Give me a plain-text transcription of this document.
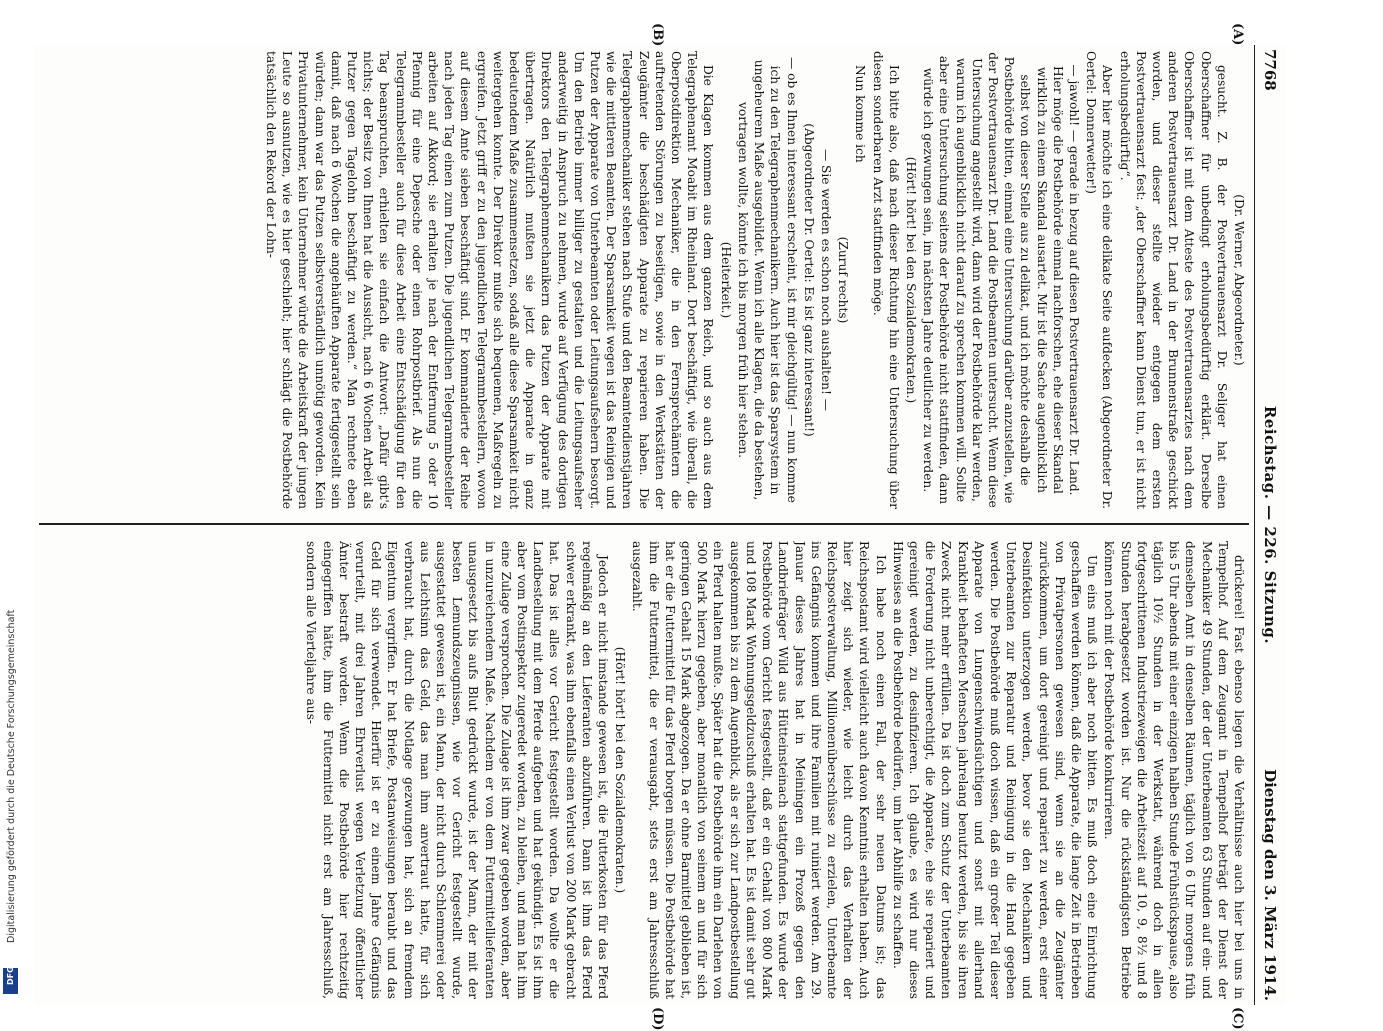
7768
Reichstag. — 226. Sitzung.
Dienstag den 3. März 1914.
(A)
(B)
(C)
(D)

(Dr. Werner, Abgeordneter.)

gesucht. Z. B. der Postvertrauensarzt Dr. Seliger hat einen Oberschaffner für unbedingt erholungsbedürftig erklärt. Derselbe Oberschaffner ist mit dem Atteste des Postvertrauensarztes nach dem anderen Postvertrauensarzt Dr. Land in der Brunnenstraße geschickt worden, und dieser stellte wieder entgegen dem ersten Postvertrauensarzt fest: „der Oberschaffner kann Dienst tun, er ist nicht erholungsbedürftig“.

Aber hier möchte ich eine delikate Seite aufdecken (Abgeordneter Dr. Oertel: Donnerwetter!)

— jawohl! — gerade in bezug auf diesen Postvertrauensarzt Dr. Land. Hier möge die Postbehörde einmal nachforschen, ehe dieser Skandal wirklich zu einem Skandal ausartet. Mir ist die Sache augenblicklich selbst von dieser Stelle aus zu delikat, und ich möchte deshalb die Postbehörde bitten, einmal eine Untersuchung darüber anzustellen, wie der Postvertrauensarzt Dr. Land die Postbeamten untersucht. Wenn diese Untersuchung angestellt wird, dann wird der Postbehörde klar werden, warum ich augenblicklich nicht darauf zu sprechen kommen will. Sollte aber eine Untersuchung seitens der Postbehörde nicht stattfinden, dann würde ich gezwungen sein, im nächsten Jahre deutlicher zu werden.

(Hört! hört! bei den Sozialdemokraten.)

Ich bitte also, daß nach dieser Richtung hin eine Untersuchung über diesen sonderbaren Arzt stattfinden möge.

Nun komme ich

(Zuruf rechts)

— Sie werden es schon noch aushalten! —

(Abgeordneter Dr. Oertel: Es ist ganz interessant!)

— ob es Ihnen interessant erscheint, ist mir gleichgültig! — nun komme ich zu den Telegraphenmechanikern. Auch hier ist das Sparsystem in ungeheurem Maße ausgebildet. Wenn ich alle Klagen, die da bestehen, vortragen wollte, könnte ich bis morgen früh hier stehen.

(Heiterkeit.)

Die Klagen kommen aus dem ganzen Reich, und so auch aus dem Telegraphenamt Moabit im Rheinland. Dort beschäftigt, wie überall, die Oberpostdirektion Mechaniker, die in den Fernsprechämtern die auftretenden Störungen zu beseitigen, sowie in den Werkstätten der Zeugämter die beschädigten Apparate zu reparieren haben. Die Telegraphenmechaniker stehen nach Stufe und den Beamtendienstjahren wie die mittleren Beamten. Der Sparsamkeit wegen ist das Reinigen und Putzen der Apparate von Unterbeamten oder Leitungsaufsehern besorgt. Um den Betrieb immer billiger zu gestalten und die Leitungsaufseher anderweitig in Anspruch zu nehmen, wurde auf Verfügung des dortigen Direktors den Telegraphenmechanikern das Putzen der Apparate mit übertragen. Natürlich mußten sie jetzt die Apparate in ganz bedeutendem Maße zusammensetzen, sodaß alle diese Sparsamkeit nicht weitergehen konnte. Der Direktor mußte sich bequemen, Maßregeln zu ergreifen. Jetzt griff er zu den jugendlichen Telegrammbestellern, wovon auf diesem Amte sieben beschäftigt sind. Er kommandierte der Reihe nach jeden Tag einen zum Putzen. Die jugendlichen Telegrammbesteller arbeiten auf Akkord; sie erhalten je nach der Entfernung 5 oder 10 Pfennig für eine Depesche oder einen Rohrpostbrief. Als nun die Telegrammbesteller auch für diese Arbeit eine Entschädigung für den Tag beanspruchten, erhielten sie einfach die Antwort: „Dafür gibt's nichts; der Besitz von Ihnen hat die Aussicht, nach 6 Wochen Arbeit als Putzer gegen Tagelohn beschäftigt zu werden.“ Man rechnete eben damit, daß nach 6 Wochen die angehäuften Apparate fertiggestellt sein würden; dann war das Putzen selbstverständlich unnötig geworden. Kein Privatunternehmer, kein Unternehmer würde die Arbeitskraft der jungen Leute so ausnutzen, wie es hier geschieht; hier schlägt die Postbehörde tatsächlich den Rekord der Lohn-

drückerei! Fast ebenso liegen die Verhältnisse auch hier bei uns in Tempelhof. Auf dem Zeugamt in Tempelhof beträgt der Dienst der Mechaniker 49 Stunden, der der Unterbeamten 63 Stunden auf ein- und demselben Amt in denselben Räumen, täglich von 6 Uhr morgens früh bis 5 Uhr abends mit einer einzigen halben Stunde Frühstückspause, also täglich 10½ Stunden in der Werkstatt, während doch in allen fortgeschrittenen Industriezweigen die Arbeitszeit auf 10, 9, 8½ und 8 Stunden herabgesetzt worden ist. Nur die rückständigsten Betriebe können noch mit der Postbehörde konkurrieren.

Um eins muß ich aber noch bitten. Es muß doch eine Einrichtung geschaffen werden können, daß die Apparate, die lange Zeit in Betrieben von Privatpersonen gewesen sind, wenn sie an die Zeugämter zurückkommen, um dort gereinigt und repariert zu werden, erst einer Desinfektion unterzogen werden, bevor sie den Mechanikern und Unterbeamten zur Reparatur und Reinigung in die Hand gegeben werden. Die Postbehörde muß doch wissen, daß ein großer Teil dieser Apparate von Lungenschwindsüchtigen und sonst mit allerhand Krankheit behafteten Menschen jahrelang benutzt werden, bis sie ihren Zweck nicht mehr erfüllen. Da ist doch zum Schutz der Unterbeamten die Forderung nicht unberechtigt, die Apparate, ehe sie repariert und gereinigt werden, zu desinfizieren. Ich glaube, es wird nur dieses Hinweises an die Postbehörde bedürfen, um hier Abhilfe zu schaffen.

Ich habe noch einen Fall, der sehr neuen Datums ist; das Reichspostamt wird vielleicht auch davon Kenntnis erhalten haben. Auch hier zeigt sich wieder, wie leicht durch das Verhalten der Reichspostverwaltung, Millionenüberschüsse zu erzielen, Unterbeamte ins Gefängnis kommen und ihre Familien mit ruiniert werden. Am 29. Januar dieses Jahres hat in Meiningen ein Prozeß gegen den Landbriefträger Wild aus Hütteinsteinach stattgefunden. Es wurde der Postbehörde vom Gericht festgestellt, daß er ein Gehalt von 800 Mark und 108 Mark Wohnungsgeldzuschuß erhalten hat. Es ist damit sehr gut ausgekommen bis zu dem Augenblick, als er sich zur Landpostbestellung ein Pferd halten mußte. Später hat die Postbehörde ihm ein Darlehen von 500 Mark hierzu gegeben, aber monatlich von seinem an und für sich geringen Gehalt 15 Mark abgezogen. Da er ohne Barmittel geblieben ist, hat er die Futtermittel für das Pferd borgen müssen. Die Postbehörde hat ihm die Futtermittel, die er verausgabt, stets erst am Jahresschluß ausgezahlt.

(Hört! hört! bei den Sozialdemokraten.)

Jedoch er nicht imstande gewesen ist, die Futterkosten für das Pferd regelmäßig an den Lieferanten abzuführen. Dann ist ihm das Pferd schwer erkrankt, was ihm ebenfalls einen Verlust von 200 Mark gebracht hat. Das ist alles vor Gericht festgestellt worden. Da wollte er die Landbestellung mit dem Pferde aufgeben und hat gekündigt. Es ist ihm aber vom Postinspektor zugeredet worden, zu bleiben, und man hat ihm eine Zulage versprochen. Die Zulage ist ihm zwar gegeben worden, aber in unzureichendem Maße. Nachdem er von dem Futtermittellieferanten unausgesetzt bis aufs Blut gedrückt wurde, ist der Mann, der mit der besten Lemundszeugnissen, wie vor Gericht festgestellt wurde, ausgestattet gewesen ist, ein Mann, der nicht durch Schlemmerei oder aus Leichtsinn das Geld, das man ihm anvertraut hatte, für sich verbraucht hat, durch die Notlage gezwungen hat, sich an fremdem Eigentum vergriffen. Er hat Briefe, Postanweisungen beraubt und das Geld für sich verwendet. Hierfür ist er zu einem Jahre Gefängnis verurteilt, mit drei Jahren Ehrverlust wegen Verletzung öffentlicher Ämter bestraft worden. Wenn die Postbehörde hier rechtzeitig eingegriffen hätte, ihm die Futtermittel nicht erst am Jahresschluß, sondern alle Vierteljahre aus-

Digitalisierung gefördert durch die Deutsche Forschungsgemeinschaft
DFG
